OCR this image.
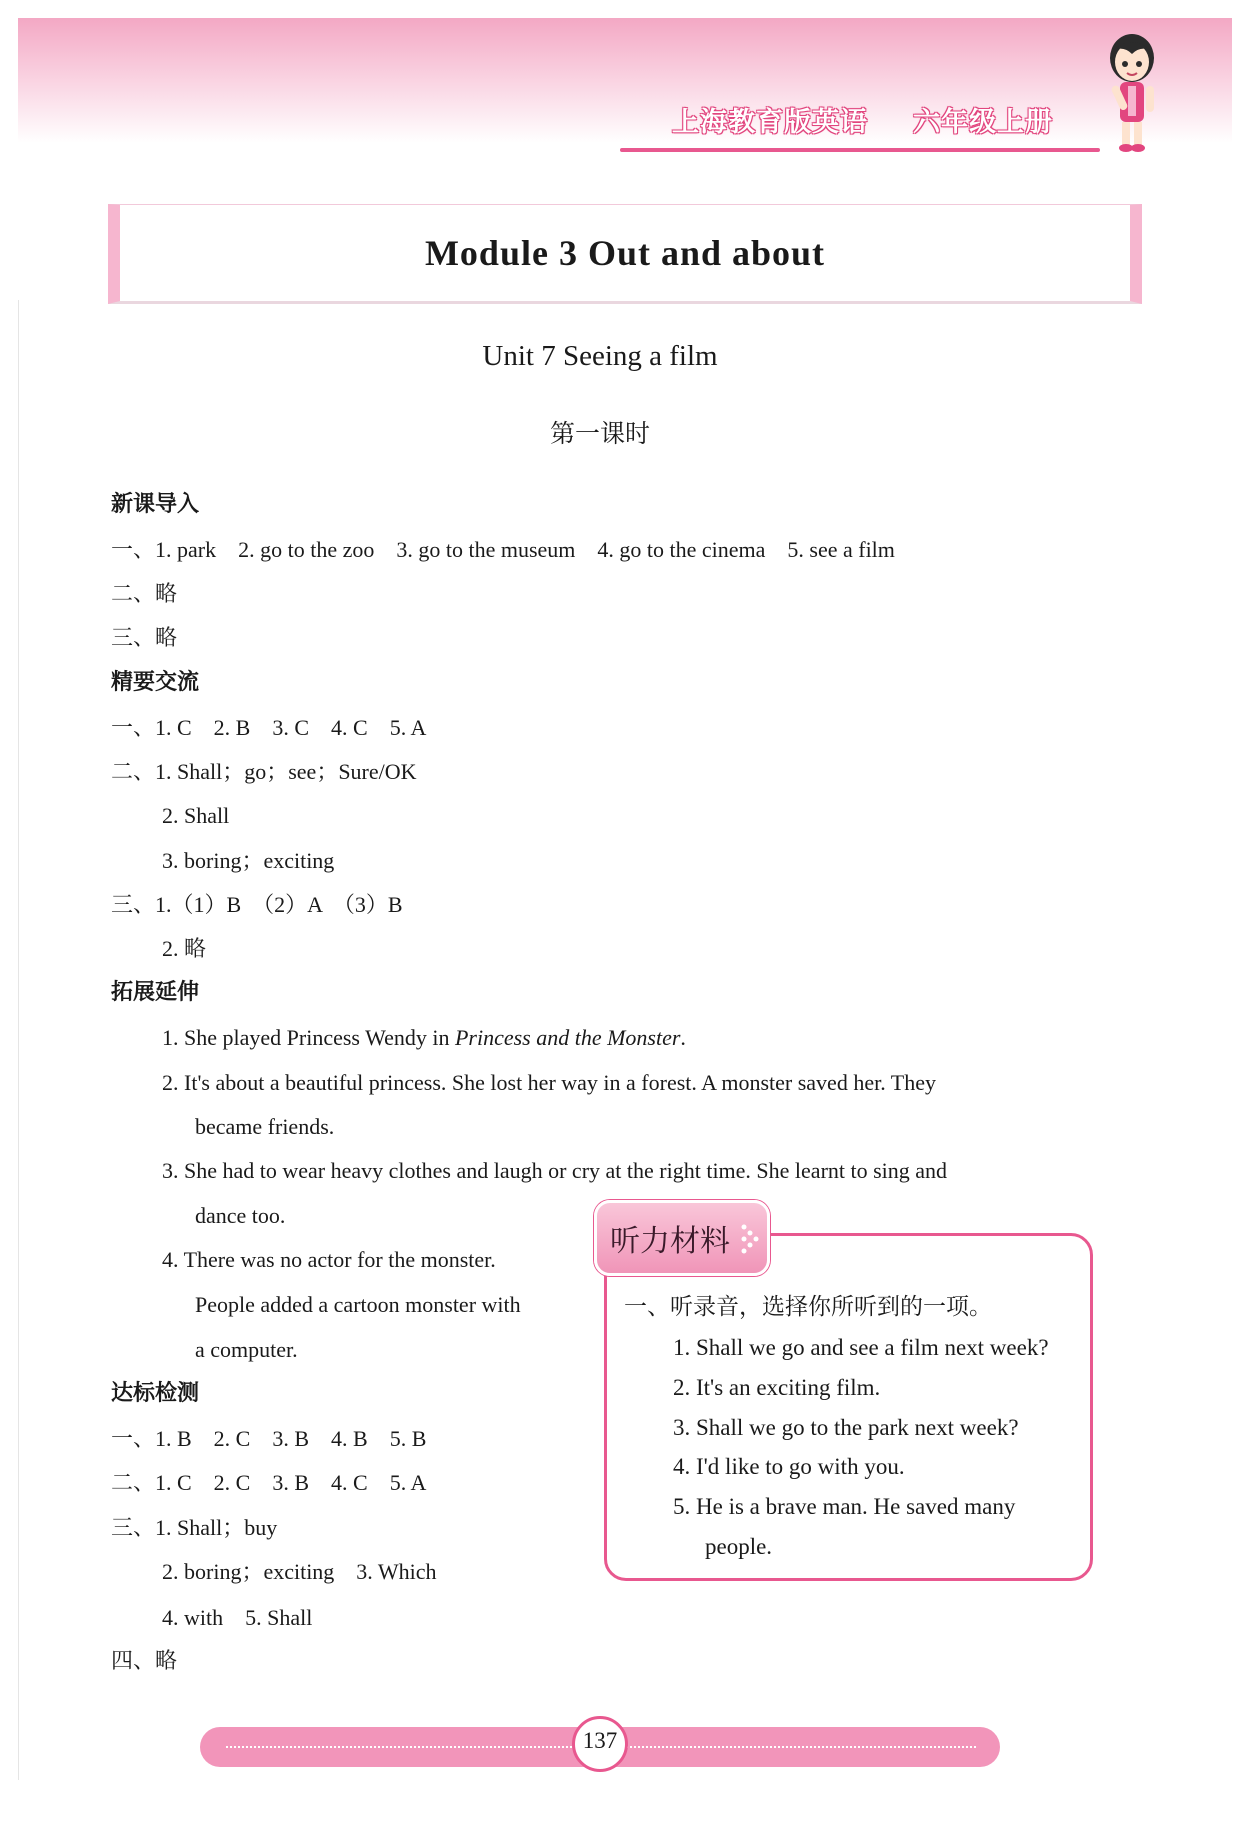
上海教育版英语 六年级上册
Module 3 Out and about
Unit 7 Seeing a film
第一课时
新课导入
一、1. park　2. go to the zoo　3. go to the museum　4. go to the cinema　5. see a film
二、略
三、略
精要交流
一、1. C　2. B　3. C　4. C　5. A
二、1. Shall；go；see；Sure/OK
2. Shall
3. boring；exciting
三、1.（1）B　（2）A　（3）B
2. 略
拓展延伸
1. She played Princess Wendy in Princess and the Monster.
2. It's about a beautiful princess. She lost her way in a forest. A monster saved her. They
became friends.
3. She had to wear heavy clothes and laugh or cry at the right time. She learnt to sing and
dance too.
4. There was no actor for the monster.
People added a cartoon monster with
a computer.
达标检测
一、1. B　2. C　3. B　4. B　5. B
二、1. C　2. C　3. B　4. C　5. A
三、1. Shall；buy
2. boring；exciting　3. Which
4. with　5. Shall
四、略
听力材料
一、听录音，选择你所听到的一项。
1. Shall we go and see a film next week?
2. It's an exciting film.
3. Shall we go to the park next week?
4. I'd like to go with you.
5. He is a brave man. He saved many
people.
137
